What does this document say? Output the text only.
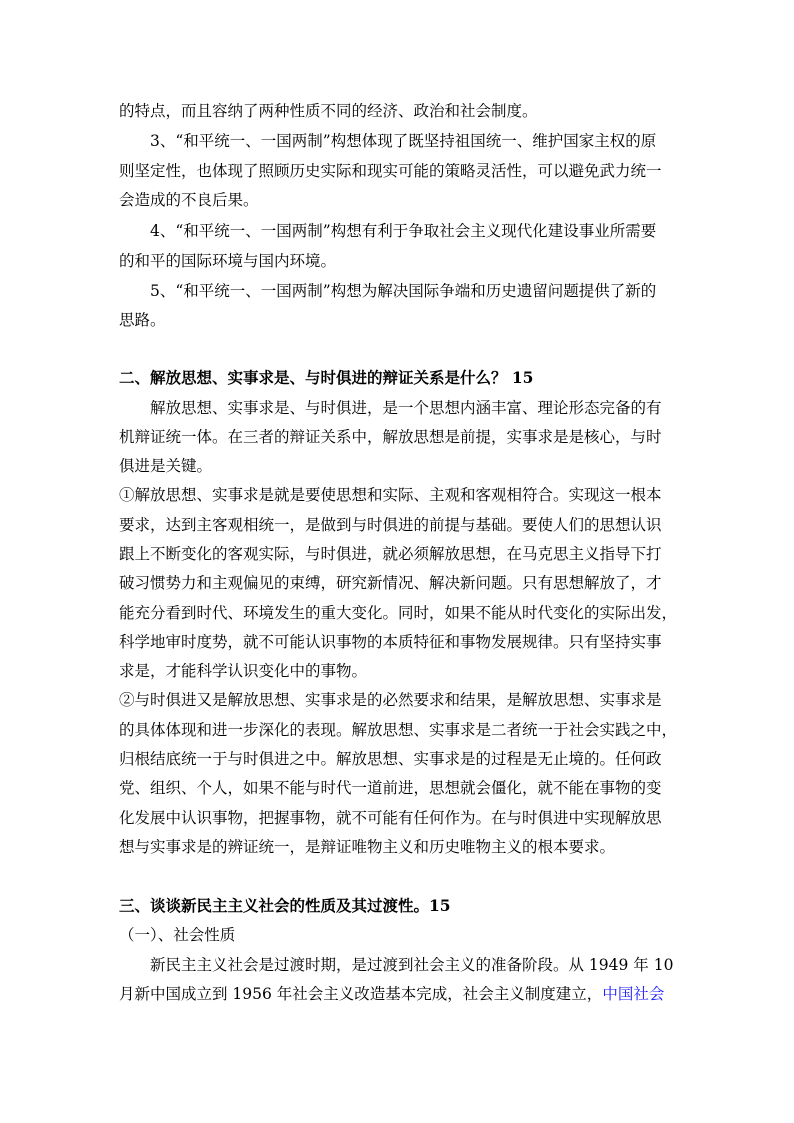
的特点，而且容纳了两种性质不同的经济、政治和社会制度。
3、“和平统一、一国两制”构想体现了既坚持祖国统一、维护国家主权的原
则坚定性，也体现了照顾历史实际和现实可能的策略灵活性，可以避免武力统一
会造成的不良后果。
4、“和平统一、一国两制”构想有利于争取社会主义现代化建设事业所需要
的和平的国际环境与国内环境。
5、“和平统一、一国两制”构想为解决国际争端和历史遗留问题提供了新的
思路。
二、解放思想、实事求是、与时俱进的辩证关系是什么？ 15
解放思想、实事求是、与时俱进，是一个思想内涵丰富、理论形态完备的有
机辩证统一体。在三者的辩证关系中，解放思想是前提，实事求是是核心，与时
俱进是关键。
①解放思想、实事求是就是要使思想和实际、主观和客观相符合。实现这一根本
要求，达到主客观相统一，是做到与时俱进的前提与基础。要使人们的思想认识
跟上不断变化的客观实际，与时俱进，就必须解放思想，在马克思主义指导下打
破习惯势力和主观偏见的束缚，研究新情况、解决新问题。只有思想解放了，才
能充分看到时代、环境发生的重大变化。同时，如果不能从时代变化的实际出发，
科学地审时度势，就不可能认识事物的本质特征和事物发展规律。只有坚持实事
求是，才能科学认识变化中的事物。
②与时俱进又是解放思想、实事求是的必然要求和结果，是解放思想、实事求是
的具体体现和进一步深化的表现。解放思想、实事求是二者统一于社会实践之中，
归根结底统一于与时俱进之中。解放思想、实事求是的过程是无止境的。任何政
党、组织、个人，如果不能与时代一道前进，思想就会僵化，就不能在事物的变
化发展中认识事物，把握事物，就不可能有任何作为。在与时俱进中实现解放思
想与实事求是的辨证统一，是辩证唯物主义和历史唯物主义的根本要求。
三、谈谈新民主主义社会的性质及其过渡性。15
（一）、社会性质
新民主主义社会是过渡时期，是过渡到社会主义的准备阶段。从 1949 年 10
月新中国成立到 1956 年社会主义改造基本完成，社会主义制度建立，中国社会
